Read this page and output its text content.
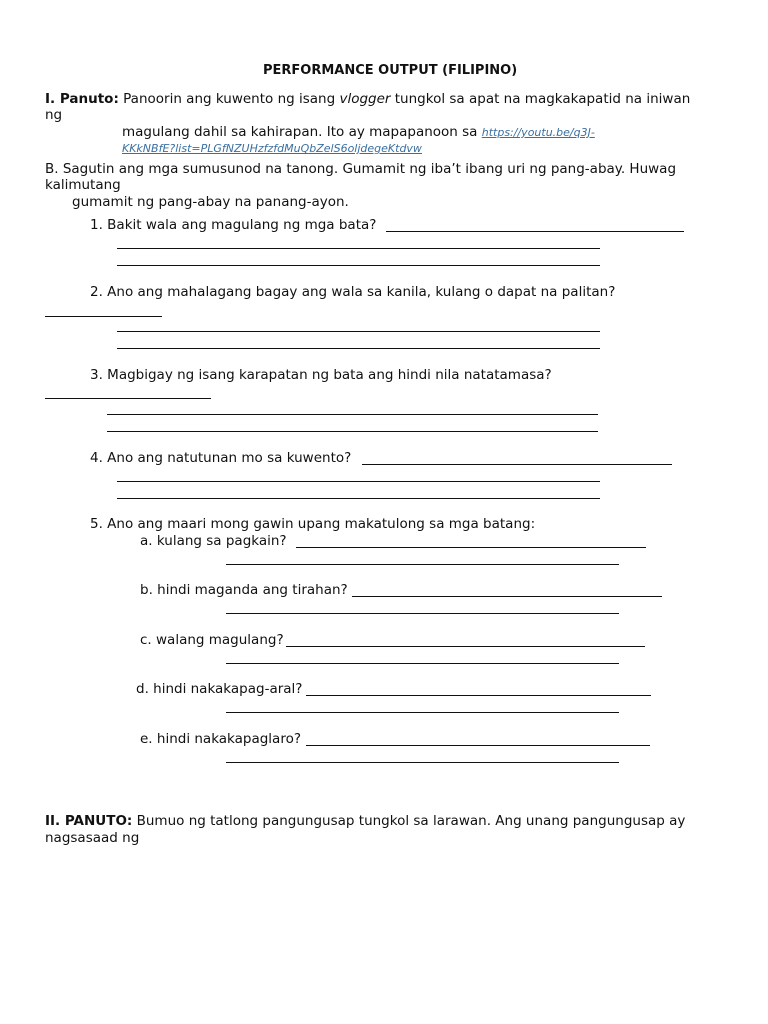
PERFORMANCE OUTPUT (FILIPINO)
I. Panuto: Panoorin ang kuwento ng isang vlogger tungkol sa apat na magkakapatid na iniwan
ng
magulang dahil sa kahirapan. Ito ay mapapanoon sa https://youtu.be/q3J-
KKkNBfE?list=PLGfNZUHzfzfdMuQbZelS6oljdegeKtdvw
B. Sagutin ang mga sumusunod na tanong. Gumamit ng iba’t ibang uri ng pang-abay. Huwag
kalimutang
gumamit ng pang-abay na panang-ayon.
1. Bakit wala ang magulang ng mga bata?
2. Ano ang mahalagang bagay ang wala sa kanila, kulang o dapat na palitan?
3. Magbigay ng isang karapatan ng bata ang hindi nila natatamasa?
4. Ano ang natutunan mo sa kuwento?
5. Ano ang maari mong gawin upang makatulong sa mga batang:
a. kulang sa pagkain?
b. hindi maganda ang tirahan?
c. walang magulang?
d. hindi nakakapag-aral?
e. hindi nakakapaglaro?
II. PANUTO: Bumuo ng tatlong pangungusap tungkol sa larawan. Ang unang pangungusap ay
nagsasaad ng
